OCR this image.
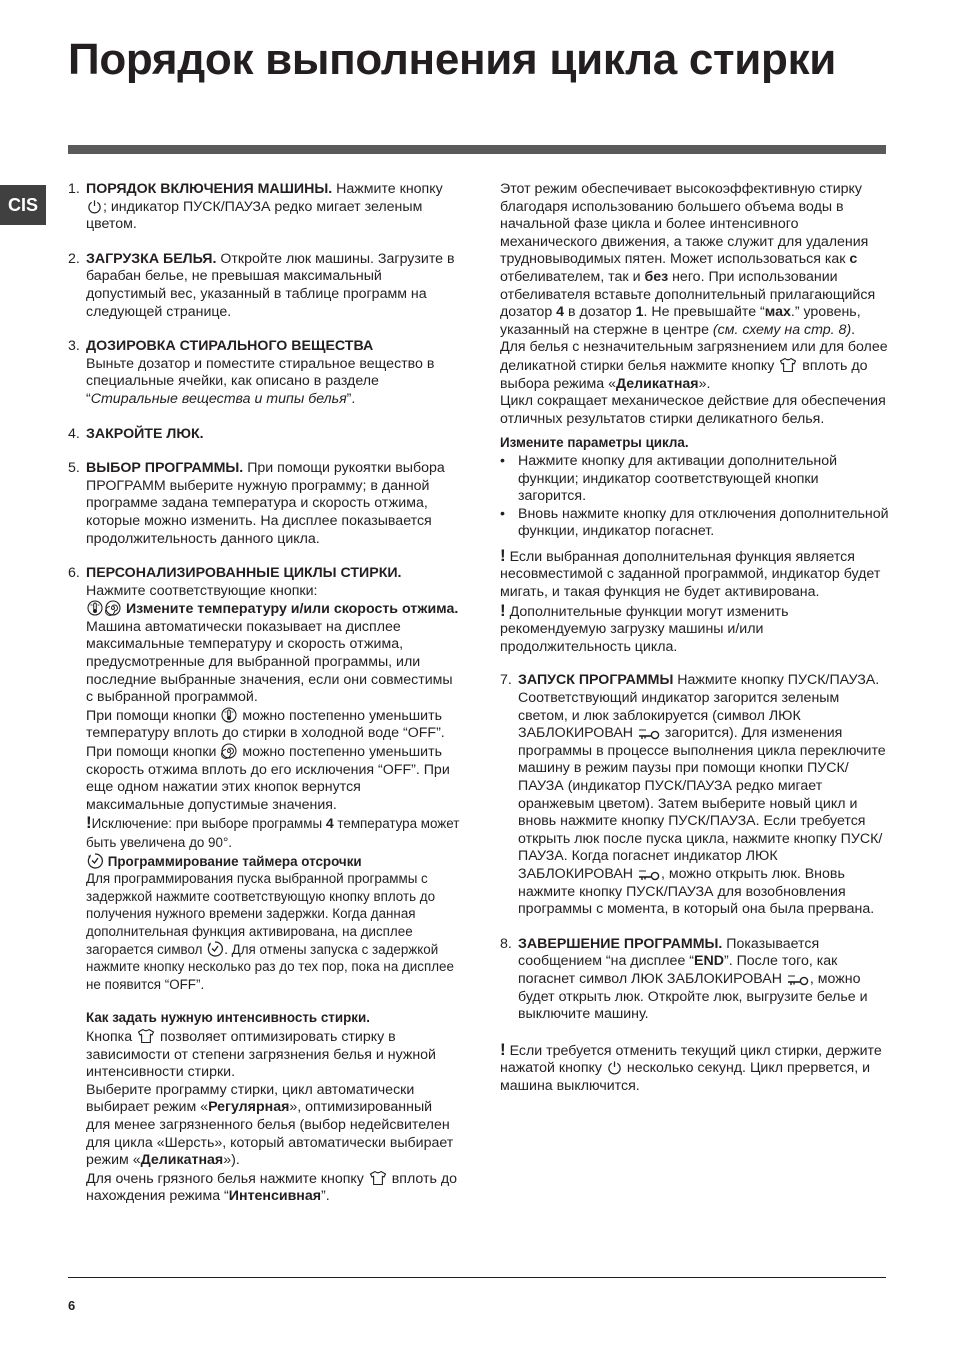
Порядок выполнения цикла стирки
CIS
1. ПОРЯДОК ВКЛЮЧЕНИЯ МАШИНЫ. Нажмите кнопку ; индикатор ПУСК/ПАУЗА редко мигает зеленым цветом.

2. ЗАГРУЗКА БЕЛЬЯ. Откройте люк машины. Загрузите в барабан белье, не превышая максимальный допустимый вес, указанный в таблице программ на следующей странице.

3. ДОЗИРОВКА СТИРАЛЬНОГО ВЕЩЕСТВА
Выньте дозатор и поместите стиральное вещество в специальные ячейки, как описано в разделе “Стиральные вещества и типы белья”.

4. ЗАКРОЙТЕ ЛЮК.

5. ВЫБОР ПРОГРАММЫ. При помощи рукоятки выбора ПРОГРАММ выберите нужную программу; в данной программе задана температура и скорость отжима, которые можно изменить. На дисплее показывается продолжительность данного цикла.

6. ПЕРСОНАЛИЗИРОВАННЫЕ ЦИКЛЫ СТИРКИ.
Нажмите соответствующие кнопки:

Измените температуру и/или скорость отжима. Машина автоматически показывает на дисплее максимальные температуру и скорость отжима, предусмотренные для выбранной программы, или последние выбранные значения, если они совместимы с выбранной программой.
При помощи кнопки  можно постепенно уменьшить температуру вплоть до стирки в холодной воде “OFF”. При помощи кнопки  можно постепенно уменьшить скорость отжима вплоть до его исключения “OFF”. При еще одном нажатии этих кнопок вернутся максимальные допустимые значения.
!Исключение: при выборе программы 4 температура может быть увеличена до 90°.

Программирование таймера отсрочки
Для программирования пуска выбранной программы с задержкой нажмите соответствующую кнопку вплоть до получения нужного времени задержки. Когда данная дополнительная функция активирована, на дисплее загорается символ . Для отмены запуска с задержкой нажмите кнопку несколько раз до тех пор, пока на дисплее не появится “OFF”.

Как задать нужную интенсивность стирки.
Кнопка  позволяет оптимизировать стирку в зависимости от степени загрязнения белья и нужной интенсивности стирки.
Выберите программу стирки, цикл автоматически выбирает режим «Регулярная», оптимизированный для менее загрязненного белья (выбор недейсвителен для цикла «Шерсть», который автоматически выбирает режим «Деликатная»).
Для очень грязного белья нажмите кнопку  вплоть до нахождения режима “Интенсивная”.

Этот режим обеспечивает высокоэффективную стирку благодаря использованию большего объема воды в начальной фазе цикла и более интенсивного механического движения, а также служит для удаления трудновыводимых пятен. Может использоваться как с отбеливателем, так и без него. При использовании отбеливателя вставьте дополнительный прилагающийся дозатор 4 в дозатор 1. Не превышайте “мах.” уровень, указанный на стержне в центре (см. схему на стр. 8).
Для белья с незначительным загрязнением или для более деликатной стирки белья нажмите кнопку  вплоть до выбора режима «Деликатная».
Цикл сокращает механическое действие для обеспечения отличных результатов стирки деликатного белья.

Измените параметры цикла.

• Нажмите кнопку для активации дополнительной функции; индикатор соответствующей кнопки загорится.

• Вновь нажмите кнопку для отключения дополнительной функции, индикатор погаснет.

! Если выбранная дополнительная функция является несовместимой с заданной программой, индикатор будет мигать, и такая функция не будет активирована.
! Дополнительные функции могут изменить рекомендуемую загрузку машины и/или продолжительность цикла.

7. ЗАПУСК ПРОГРАММЫ Нажмите кнопку ПУСК/ПАУЗА. Соответствующий индикатор загорится зеленым светом, и люк заблокируется (символ ЛЮК ЗАБЛОКИРОВАН  загорится). Для изменения программы в процессе выполнения цикла переключите машину в режим паузы при помощи кнопки ПУСК/ПАУЗА (индикатор ПУСК/ПАУЗА редко мигает оранжевым цветом). Затем выберите новый цикл и вновь нажмите кнопку ПУСК/ПАУЗА. Если требуется открыть люк после пуска цикла, нажмите кнопку ПУСК/ПАУЗА. Когда погаснет индикатор ЛЮК ЗАБЛОКИРОВАН , можно открыть люк. Вновь нажмите кнопку ПУСК/ПАУЗА для возобновления программы с момента, в который она была прервана.

8. ЗАВЕРШЕНИЕ ПРОГРАММЫ. Показывается сообщением “на дисплее “END”. После того, как погаснет символ ЛЮК ЗАБЛОКИРОВАН , можно будет открыть люк. Откройте люк, выгрузите белье и выключите машину.

! Если требуется отменить текущий цикл стирки, держите нажатой кнопку  несколько секунд. Цикл прервется, и машина выключится.

6
